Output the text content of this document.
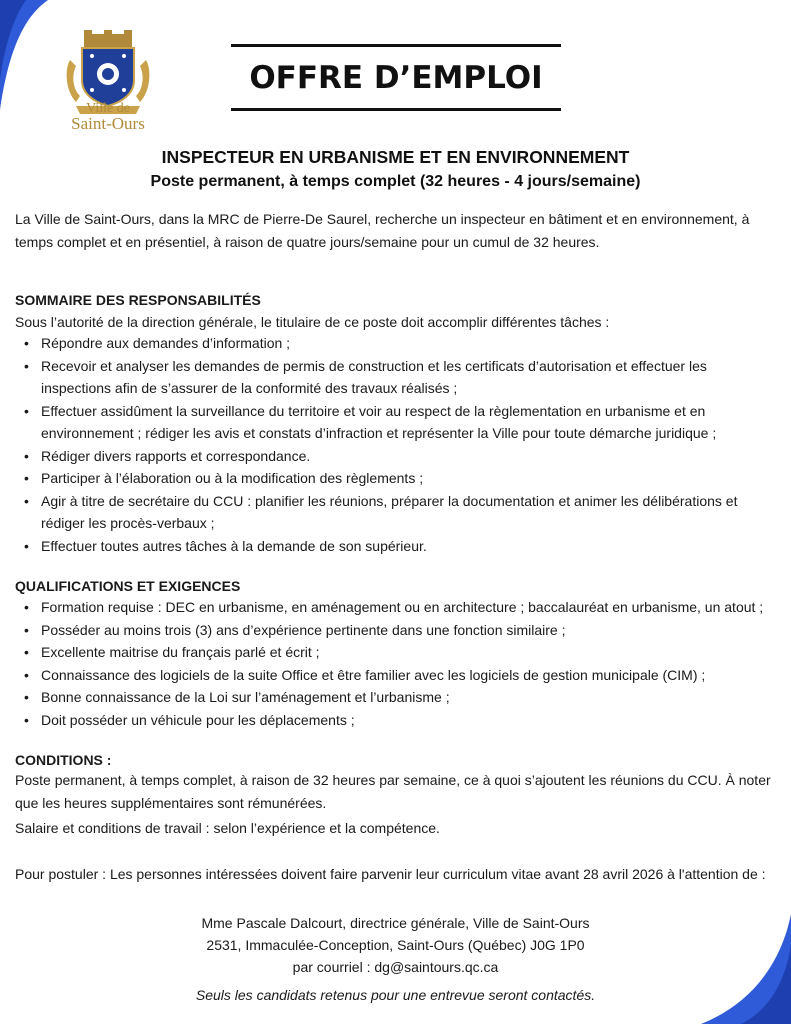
Ville de
Saint-Ours
OFFRE D’EMPLOI
INSPECTEUR EN URBANISME ET EN ENVIRONNEMENT
Poste permanent, à temps complet (32 heures - 4 jours/semaine)
La Ville de Saint-Ours, dans la MRC de Pierre-De Saurel, recherche un inspecteur en bâtiment et en environnement, à temps complet et en présentiel, à raison de quatre jours/semaine pour un cumul de 32 heures.
SOMMAIRE DES RESPONSABILITÉS
Sous l’autorité de la direction générale, le titulaire de ce poste doit accomplir différentes tâches :
• Répondre aux demandes d’information ;
• Recevoir et analyser les demandes de permis de construction et les certificats d’autorisation et effectuer les inspections afin de s’assurer de la conformité des travaux réalisés ;
• Effectuer assidûment la surveillance du territoire et voir au respect de la règlementation en urbanisme et en environnement ; rédiger les avis et constats d’infraction et représenter la Ville pour toute démarche juridique ;
• Rédiger divers rapports et correspondance.
• Participer à l’élaboration ou à la modification des règlements ;
• Agir à titre de secrétaire du CCU : planifier les réunions, préparer la documentation et animer les délibérations et rédiger les procès-verbaux ;
• Effectuer toutes autres tâches à la demande de son supérieur.
QUALIFICATIONS ET EXIGENCES
• Formation requise : DEC en urbanisme, en aménagement ou en architecture ; baccalauréat en urbanisme, un atout ;
• Posséder au moins trois (3) ans d’expérience pertinente dans une fonction similaire ;
• Excellente maitrise du français parlé et écrit ;
• Connaissance des logiciels de la suite Office et être familier avec les logiciels de gestion municipale (CIM) ;
• Bonne connaissance de la Loi sur l’aménagement et l’urbanisme ;
• Doit posséder un véhicule pour les déplacements ;
CONDITIONS :
Poste permanent, à temps complet, à raison de 32 heures par semaine, ce à quoi s’ajoutent les réunions du CCU. À noter que les heures supplémentaires sont rémunérées.
Salaire et conditions de travail : selon l’expérience et la compétence.
Pour postuler : Les personnes intéressées doivent faire parvenir leur curriculum vitae avant 28 avril 2026 à l'attention de :
Mme Pascale Dalcourt, directrice générale, Ville de Saint-Ours
2531, Immaculée-Conception, Saint-Ours (Québec) J0G 1P0
par courriel : dg@saintours.qc.ca
Seuls les candidats retenus pour une entrevue seront contactés.
